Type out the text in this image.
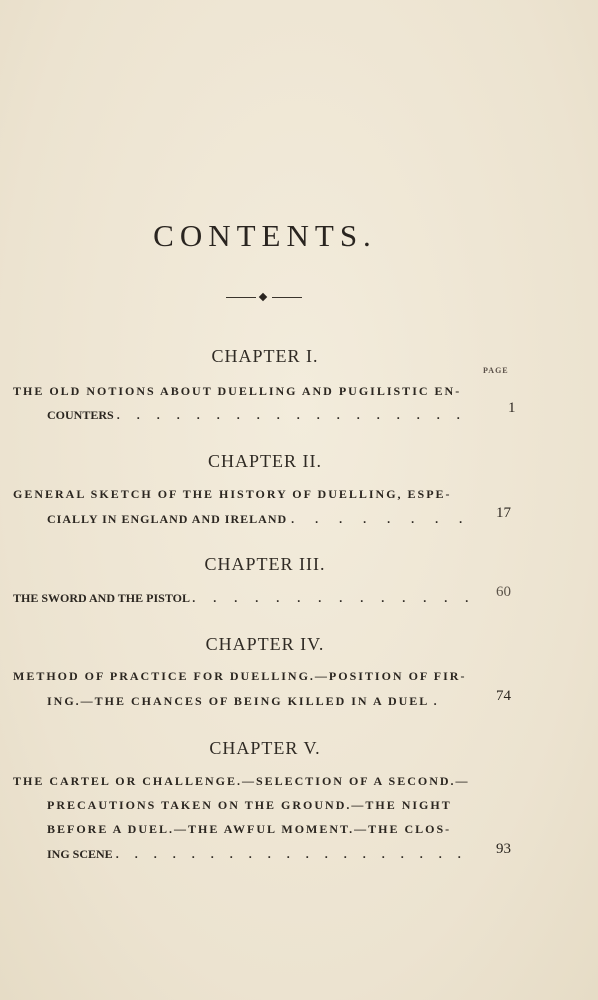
CONTENTS.
PAGE
CHAPTER I.
THE OLD NOTIONS ABOUT DUELLING AND PUGILISTIC EN-
COUNTERS . . . . . . . . . . . . . . . . . .	1
CHAPTER II.
GENERAL SKETCH OF THE HISTORY OF DUELLING, ESPE-
CIALLY IN ENGLAND AND IRELAND . . . . . . . . 17
CHAPTER III.
THE SWORD AND THE PISTOL . . . . . . . . . . . . . . 60
CHAPTER IV.
METHOD OF PRACTICE FOR DUELLING.—POSITION OF FIR-
ING.—THE CHANCES OF BEING KILLED IN A DUEL .	74
CHAPTER V.
THE CARTEL OR CHALLENGE.—SELECTION OF A SECOND.—
PRECAUTIONS TAKEN ON THE GROUND.—THE NIGHT
BEFORE A DUEL.—THE AWFUL MOMENT.—THE CLOS-
ING SCENE . . . . . . . . . . . . . . . . . . . 93
